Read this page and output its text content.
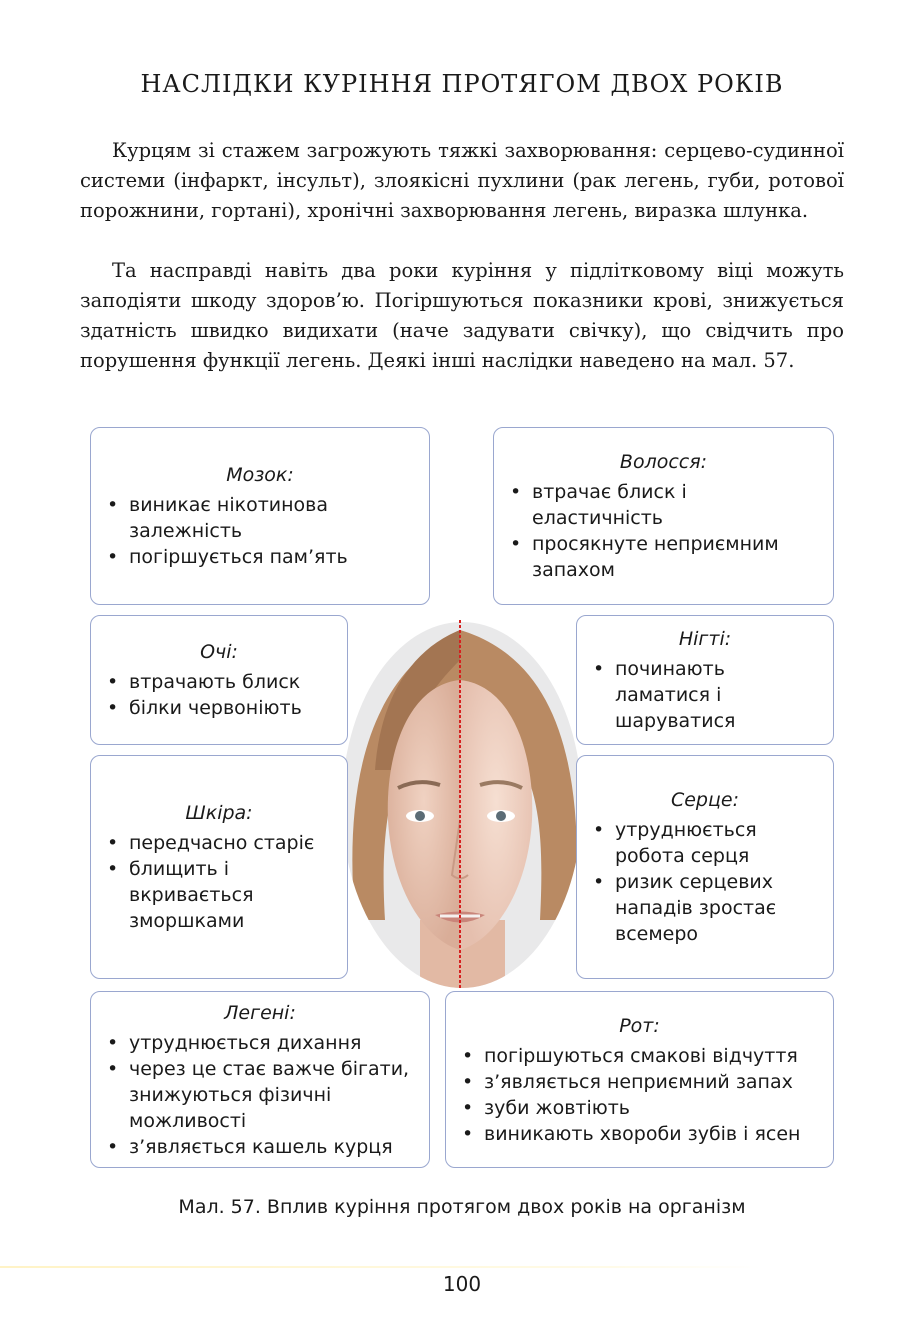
НАСЛІДКИ КУРІННЯ ПРОТЯГОМ ДВОХ РОКІВ
Курцям зі стажем загрожують тяжкі захворювання: серцево-судинної системи (інфаркт, інсульт), злоякісні пухлини (рак легень, губи, ротової порожнини, гортані), хронічні захворювання легень, виразка шлунка.
Та насправді навіть два роки куріння у підлітковому віці можуть заподіяти шкоду здоров’ю. Погіршуються показники крові, знижується здатність швидко видихати (наче задувати свічку), що свідчить про порушення функції легень. Деякі інші наслідки наведено на мал. 57.
Мозок:
• виникає нікотинова залежність
• погіршується пам’ять
Волосся:
• втрачає блиск і еластичність
• просякнуте неприємним запахом
Очі:
• втрачають блиск
• білки червоніють
Нігті:
• починають ламатися і шаруватися
Шкіра:
• передчасно старіє
• блищить і вкривається зморшками
Серце:
• утруднюється робота серця
• ризик серцевих нападів зростає всемеро
Легені:
• утруднюється дихання
• через це стає важче бігати, знижуються фізичні можливості
• з’являється кашель курця
Рот:
• погіршуються смакові відчуття
• з’являється неприємний запах
• зуби жовтіють
• виникають хвороби зубів і ясен
Мал. 57. Вплив куріння протягом двох років на організм
100
